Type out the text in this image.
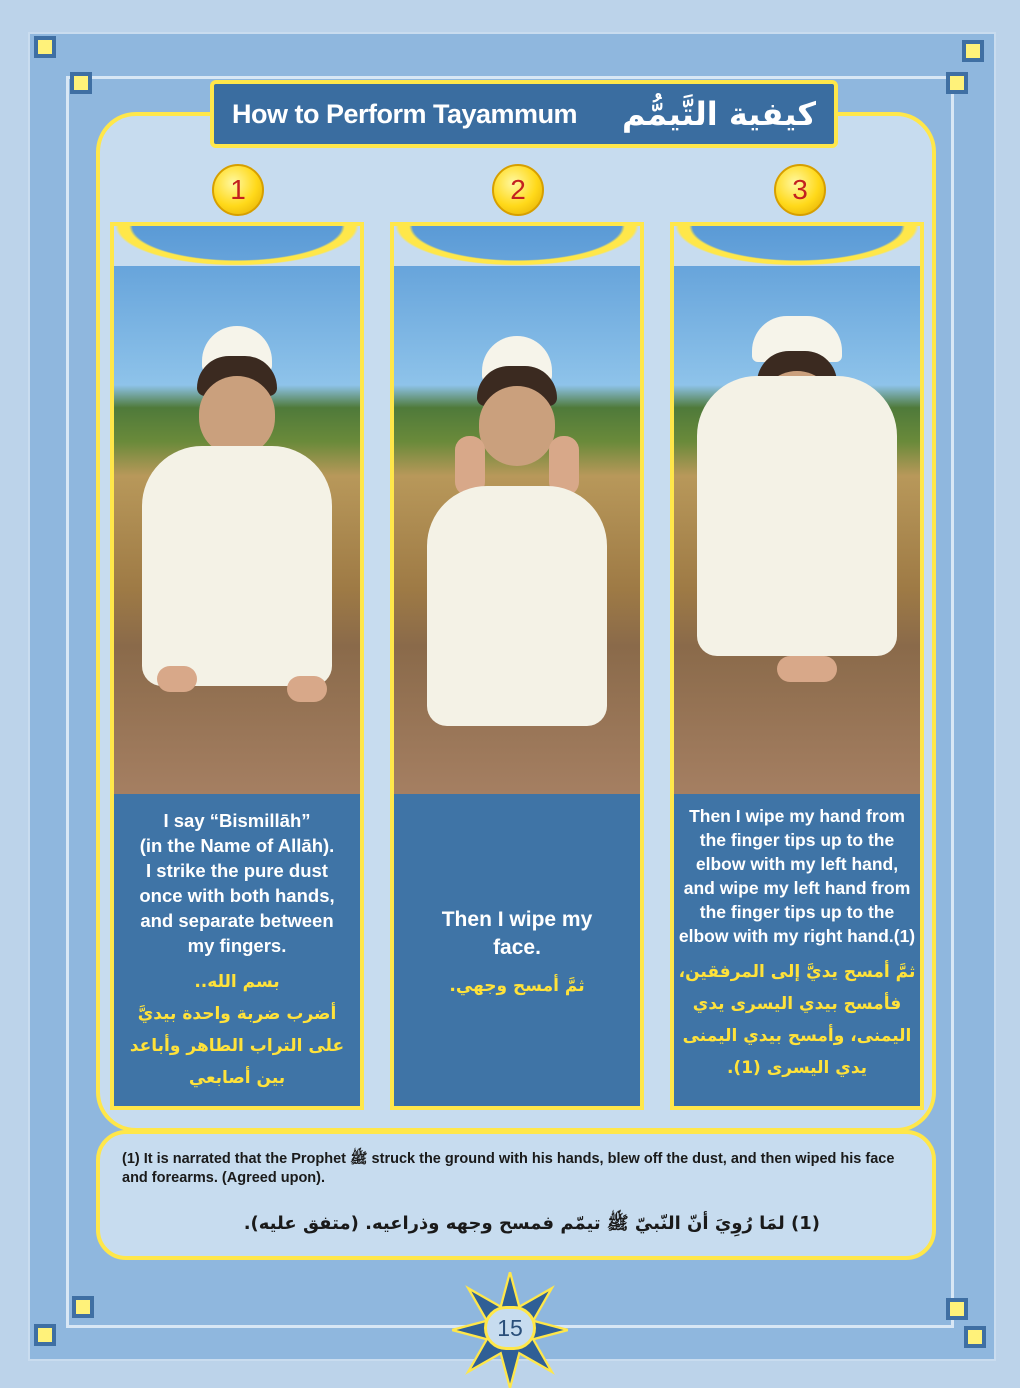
How to Perform Tayammum كيفية التَّيمُّم
1	2	3
I say “Bismillāh”
(in the Name of Allāh).
I strike the pure dust
once with both hands,
and separate between
my fingers.
بسم الله..
أضرب ضربة واحدة بيديَّ
على التراب الطاهر وأباعد
بين أصابعي
Then I wipe my
face.
ثمَّ أمسح وجهي.
Then I wipe my hand from
the finger tips up to the
elbow with my left hand,
and wipe my left hand from
the finger tips up to the
elbow with my right hand.(1)
ثمَّ أمسح يديَّ إلى المرفقين،
فأمسح بيدي اليسرى يدي
اليمنى، وأمسح بيدي اليمنى
يدي اليسرى (1).
(1) It is narrated that the Prophet ﷺ struck the ground with his hands, blew off the dust, and then wiped his face and forearms. (Agreed upon).
(1) لمَا رُوِيَ أنّ النّبيّ ﷺ تيمّم فمسح وجهه وذراعيه. (متفق عليه).
15
